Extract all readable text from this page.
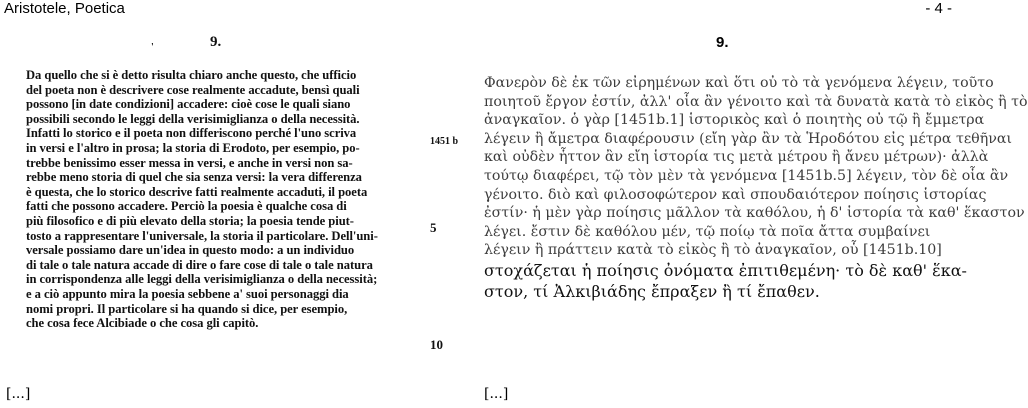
Aristotele, Poetica	- 4 -
9.
'
Da quello che si è detto risulta chiaro anche questo, che ufficio
del poeta non è descrivere cose realmente accadute, bensì quali
possono [in date condizioni] accadere: cioè cose le quali siano
possibili secondo le leggi della verisimiglianza o della necessità.
Infatti lo storico e il poeta non differiscono perché l'uno scriva
in versi e l'altro in prosa; la storia di Erodoto, per esempio, po-
trebbe benissimo esser messa in versi, e anche in versi non sa-
rebbe meno storia di quel che sia senza versi: la vera differenza
è questa, che lo storico descrive fatti realmente accaduti, il poeta
fatti che possono accadere. Perciò la poesia è qualche cosa di
più filosofico e di più elevato della storia; la poesia tende piut-
tosto a rappresentare l'universale, la storia il particolare. Dell'uni-
versale possiamo dare un'idea in questo modo: a un individuo
di tale o tale natura accade di dire o fare cose di tale o tale natura
in corrispondenza alle leggi della verisimiglianza o della necessità;
e a ciò appunto mira la poesia sebbene a' suoi personaggi dia
nomi propri. Il particolare si ha quando si dice, per esempio,
che cosa fece Alcibiade o che cosa gli capitò.
1451 b
5
10
9.

Φανερὸν δὲ ἐκ τῶν εἰρημένων καὶ ὅτι οὐ τὸ τὰ γενόμενα λέγειν, τοῦτο

ποιητοῦ ἔργον ἐστίν, ἀλλ' οἷα ἂν γένοιτο καὶ τὰ δυνατὰ κατὰ τὸ εἰκὸς ἢ τὸ

ἀναγκαῖον. ὁ γὰρ [1451b.1] ἱστορικὸς καὶ ὁ ποιητὴς οὐ τῷ ἢ ἔμμετρα

λέγειν ἢ ἄμετρα διαφέρουσιν (εἴη γὰρ ἂν τὰ Ἡροδότου εἰς μέτρα τεθῆναι

καὶ οὐδὲν ἧττον ἂν εἴη ἱστορία τις μετὰ μέτρου ἢ ἄνευ μέτρων)· ἀλλὰ

τούτῳ διαφέρει, τῷ τὸν μὲν τὰ γενόμενα [1451b.5] λέγειν, τὸν δὲ οἷα ἂν

γένοιτο. διὸ καὶ φιλοσοφώτερον καὶ σπουδαιότερον ποίησις ἱστορίας

ἐστίν· ἡ μὲν γὰρ ποίησις μᾶλλον τὰ καθόλου, ἡ δ' ἱστορία τὰ καθ' ἕκαστον

λέγει. ἔστιν δὲ καθόλου μέν, τῷ ποίῳ τὰ ποῖα ἄττα συμβαίνει

λέγειν ἢ πράττειν κατὰ τὸ εἰκὸς ἢ τὸ ἀναγκαῖον, οὗ [1451b.10]

στοχάζεται ἡ ποίησις ὀνόματα ἐπιτιθεμένη· τὸ δὲ καθ' ἕκα-

στον, τί Ἀλκιβιάδης ἔπραξεν ἢ τί ἔπαθεν.

[...]	[...]
